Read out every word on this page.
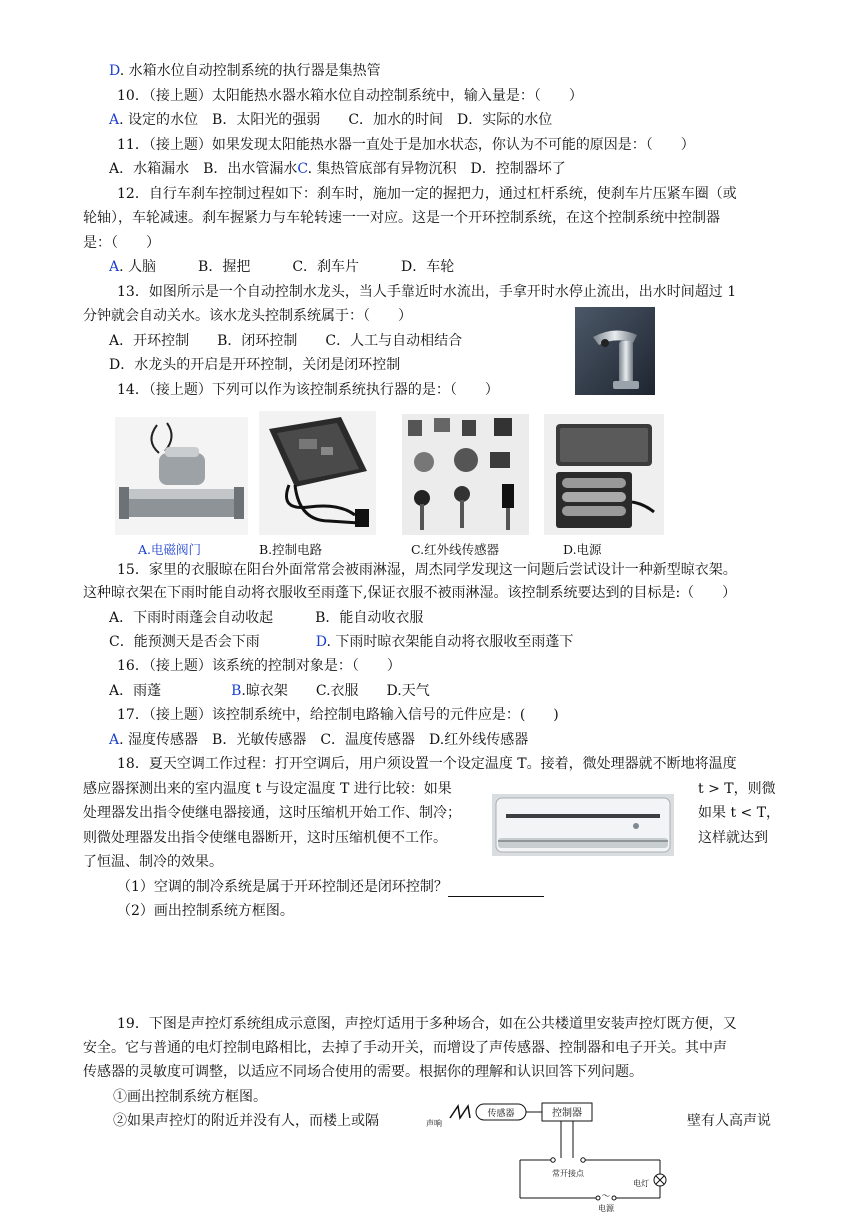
D. 水箱水位自动控制系统的执行器是集热管
10．（接上题）太阳能热水器水箱水位自动控制系统中，输入量是：（　　）
A. 设定的水位　B．太阳光的强弱　　C．加水的时间　D．实际的水位
11．（接上题）如果发现太阳能热水器一直处于是加水状态，你认为不可能的原因是：（　　）
A．水箱漏水　B．出水管漏水C. 集热管底部有异物沉积　D．控制器坏了
12．自行车刹车控制过程如下：刹车时，施加一定的握把力，通过杠杆系统，使刹车片压紧车圈（或
轮轴），车轮减速。刹车握紧力与车轮转速一一对应。这是一个开环控制系统，在这个控制系统中控制器
是：（　　）
A. 人脑　　　B．握把　　　C．刹车片　　　D．车轮
13．如图所示是一个自动控制水龙头，当人手靠近时水流出，手拿开时水停止流出，出水时间超过 1
分钟就会自动关水。该水龙头控制系统属于：（　　）
A．开环控制　　B．闭环控制　　C．人工与自动相结合
D．水龙头的开启是开环控制，关闭是闭环控制
14．（接上题）下列可以作为该控制系统执行器的是：（　　）
A.电磁阀门	B.控制电路	C.红外线传感器	D.电源
15．家里的衣服晾在阳台外面常常会被雨淋湿，周杰同学发现这一问题后尝试设计一种新型晾衣架。
这种晾衣架在下雨时能自动将衣服收至雨蓬下,保证衣服不被雨淋湿。该控制系统要达到的目标是:（　　）
A．下雨时雨蓬会自动收起　　　B．能自动收衣服
C．能预测天是否会下雨　　　　D. 下雨时晾衣架能自动将衣服收至雨蓬下
16．（接上题）该系统的控制对象是：（　　）
A．雨蓬　　　　　B.晾衣架　　C.衣服　　D.天气
17．（接上题）该控制系统中，给控制电路输入信号的元件应是：(　　)
A. 湿度传感器　B．光敏传感器　C．温度传感器　D.红外线传感器
18．夏天空调工作过程：打开空调后，用户须设置一个设定温度 T。接着，微处理器就不断地将温度
感应器探测出来的室内温度 t 与设定温度 T 进行比较：如果	t > T，则微
处理器发出指令使继电器接通，这时压缩机开始工作、制冷；	如果 t < T，
则微处理器发出指令使继电器断开，这时压缩机便不工作。	这样就达到
了恒温、制冷的效果。
（1）空调的制冷系统是属于开环控制还是闭环控制？
（2）画出控制系统方框图。
19．下图是声控灯系统组成示意图，声控灯适用于多种场合，如在公共楼道里安装声控灯既方便，又
安全。它与普通的电灯控制电路相比，去掉了手动开关，而增设了声传感器、控制器和电子开关。其中声
传感器的灵敏度可调整，以适应不同场合使用的需要。根据你的理解和认识回答下列问题。
①画出控制系统方框图。
②如果声控灯的附近并没有人，而楼上或隔	壁有人高声说
声响
传感器	控制器
常开接点
电灯
～
电源
